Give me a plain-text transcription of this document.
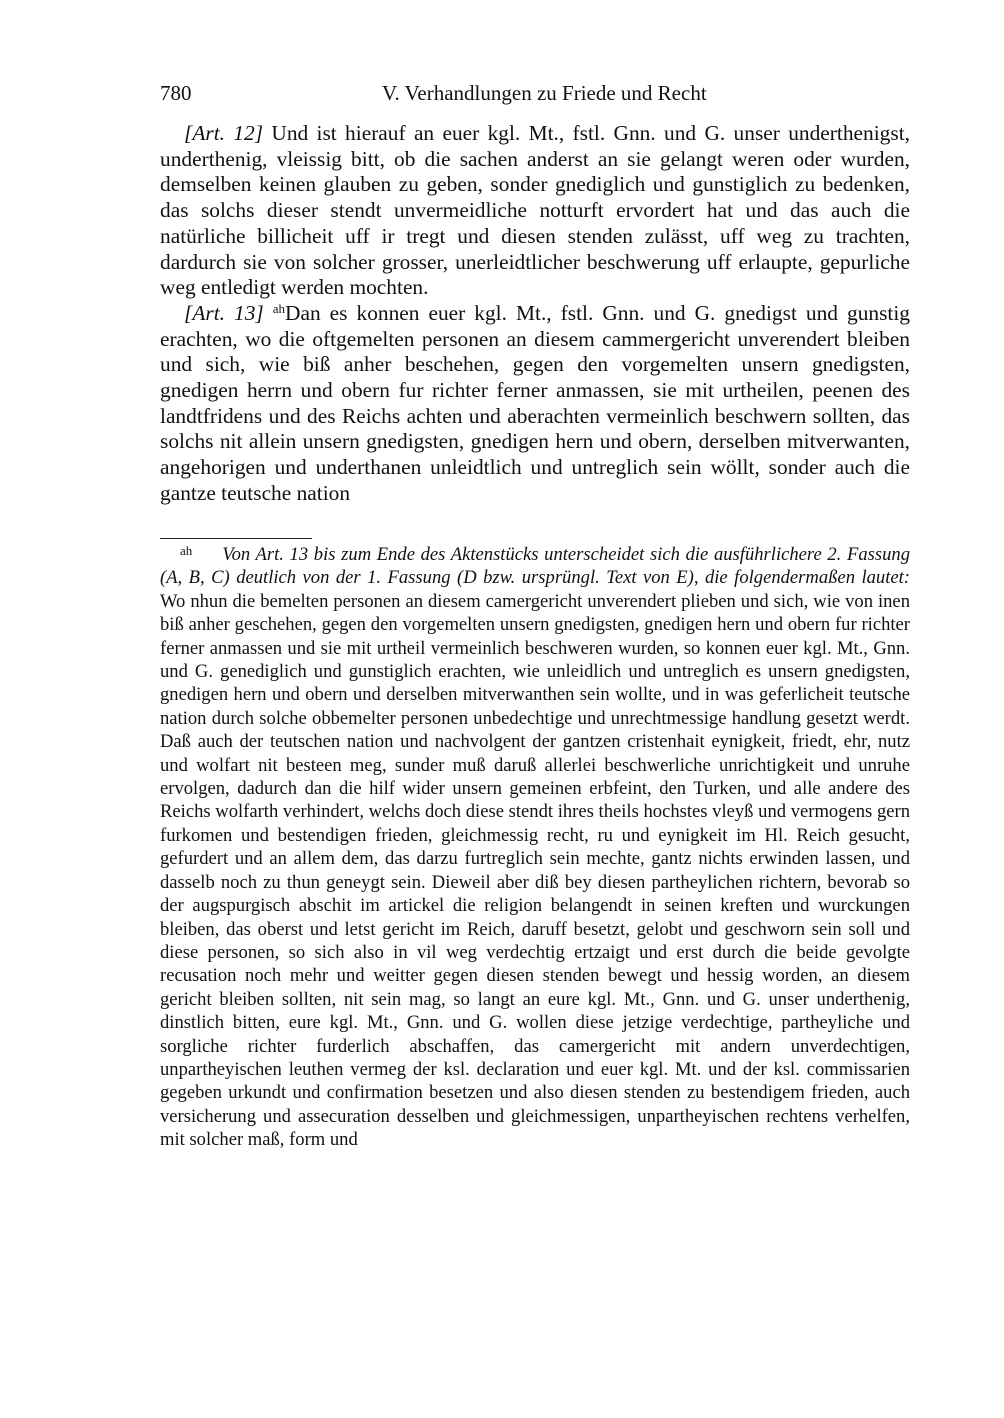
780	V. Verhandlungen zu Friede und Recht

[Art. 12] Und ist hierauf an euer kgl. Mt., fstl. Gnn. und G. unser underthenigst, underthenig, vleissig bitt, ob die sachen anderst an sie gelangt weren oder wurden, demselben keinen glauben zu geben, sonder gnediglich und gunstiglich zu bedenken, das solchs dieser stendt unvermeidliche notturft ervordert hat und das auch die natürliche billicheit uff ir tregt und diesen stenden zulässt, uff weg zu trachten, dardurch sie von solcher grosser, unerleidtlicher beschwerung uff erlaupte, gepurliche weg entledigt werden mochten.

[Art. 13] $^{ah}$Dan es konnen euer kgl. Mt., fstl. Gnn. und G. gnedigst und gunstig erachten, wo die oftgemelten personen an diesem cammergericht unverendert bleiben und sich, wie biß anher beschehen, gegen den vorgemelten unsern gnedigsten, gnedigen herrn und obern fur richter ferner anmassen, sie mit urtheilen, peenen des landtfridens und des Reichs achten und aberachten vermeinlich beschwern sollten, das solchs nit allein unsern gnedigsten, gnedigen hern und obern, derselben mitverwanten, angehorigen und underthanen unleidtlich und untreglich sein wöllt, sonder auch die gantze teutsche nation

$^{ah}$ Von Art. 13 bis zum Ende des Aktenstücks unterscheidet sich die ausführlichere 2. Fassung (A, B, C) deutlich von der 1. Fassung (D bzw. ursprüngl. Text von E), die folgendermaßen lautet: Wo nhun die bemelten personen an diesem camergericht unverendert plieben und sich, wie von inen biß anher geschehen, gegen den vorgemelten unsern gnedigsten, gnedigen hern und obern fur richter ferner anmassen und sie mit urtheil vermeinlich beschweren wurden, so konnen euer kgl. Mt., Gnn. und G. genediglich und gunstiglich erachten, wie unleidlich und untreglich es unsern gnedigsten, gnedigen hern und obern und derselben mitverwanthen sein wollte, und in was geferlicheit teutsche nation durch solche obbemelter personen unbedechtige und unrechtmessige handlung gesetzt werdt. Daß auch der teutschen nation und nachvolgent der gantzen cristenhait eynigkeit, friedt, ehr, nutz und wolfart nit besteen meg, sunder muß daruß allerlei beschwerliche unrichtigkeit und unruhe ervolgen, dadurch dan die hilf wider unsern gemeinen erbfeint, den Turken, und alle andere des Reichs wolfarth verhindert, welchs doch diese stendt ihres theils hochstes vleyß und vermogens gern furkomen und bestendigen frieden, gleichmessig recht, ru und eynigkeit im Hl. Reich gesucht, gefurdert und an allem dem, das darzu furtreglich sein mechte, gantz nichts erwinden lassen, und dasselb noch zu thun geneygt sein. Dieweil aber diß bey diesen partheylichen richtern, bevorab so der augspurgisch abschit im artickel die religion belangendt in seinen kreften und wurckungen bleiben, das oberst und letst gericht im Reich, daruff besetzt, gelobt und geschworn sein soll und diese personen, so sich also in vil weg verdechtig ertzaigt und erst durch die beide gevolgte recusation noch mehr und weitter gegen diesen stenden bewegt und hessig worden, an diesem gericht bleiben sollten, nit sein mag, so langt an eure kgl. Mt., Gnn. und G. unser underthenig, dinstlich bitten, eure kgl. Mt., Gnn. und G. wollen diese jetzige verdechtige, partheyliche und sorgliche richter furderlich abschaffen, das camergericht mit andern unverdechtigen, unpartheyischen leuthen vermeg der ksl. declaration und euer kgl. Mt. und der ksl. commissarien gegeben urkundt und confirmation besetzen und also diesen stenden zu bestendigem frieden, auch versicherung und assecuration desselben und gleichmessigen, unpartheyischen rechtens verhelfen, mit solcher maß, form und
